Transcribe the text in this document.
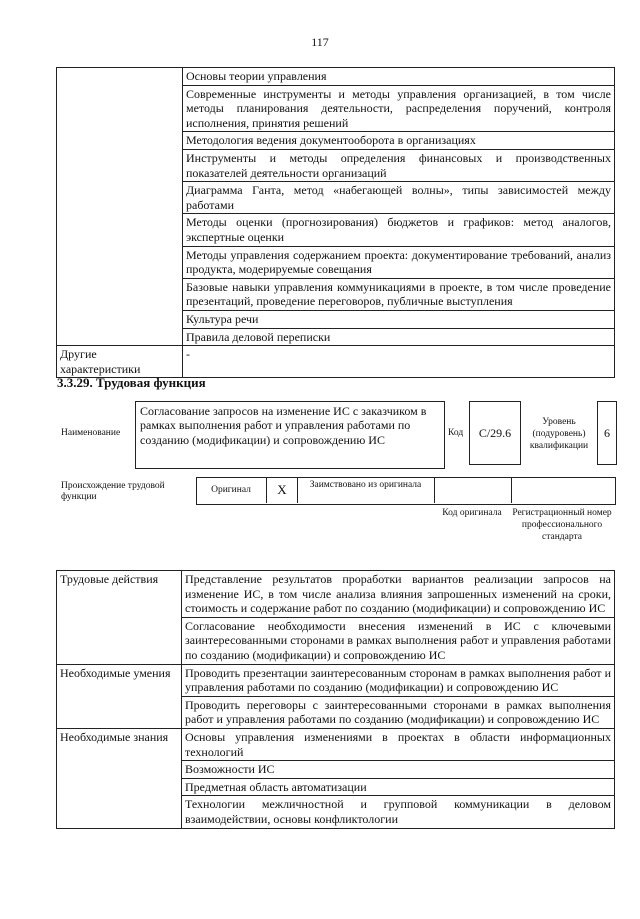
117
	Основы теории управления
	Современные инструменты и методы управления организацией, в том числе методы планирования деятельности, распределения поручений, контроля исполнения, принятия решений
	Методология ведения документооборота в организациях
	Инструменты и методы определения финансовых и производственных показателей деятельности организаций
	Диаграмма Ганта, метод «набегающей волны», типы зависимостей между работами
	Методы оценки (прогнозирования) бюджетов и графиков: метод аналогов, экспертные оценки
	Методы управления содержанием проекта: документирование требований, анализ продукта, модерируемые совещания
	Базовые навыки управления коммуникациями в проекте, в том числе проведение презентаций, проведение переговоров, публичные выступления
	Культура речи
	Правила деловой переписки
Другие характеристики	-
3.3.29. Трудовая функция
Наименование
Согласование запросов на изменение ИС с заказчиком в рамках выполнения работ и управления работами по созданию (модификации) и сопровождению ИС	Код	C/29.6
Уровень (подуровень) квалификации
6
Происхождение трудовой функции
Оригинал	X	Заимствовано из оригинала
Код оригинала	Регистрационный номер профессионального стандарта
Трудовые действия	Представление результатов проработки вариантов реализации запросов на изменение ИС, в том числе анализа влияния запрошенных изменений на сроки, стоимость и содержание работ по созданию (модификации) и сопровождению ИС
	Согласование необходимости внесения изменений в ИС с ключевыми заинтересованными сторонами в рамках выполнения работ и управления работами по созданию (модификации) и сопровождению ИС
Необходимые умения	Проводить презентации заинтересованным сторонам в рамках выполнения работ и управления работами по созданию (модификации) и сопровождению ИС
	Проводить переговоры с заинтересованными сторонами в рамках выполнения работ и управления работами по созданию (модификации) и сопровождению ИС
Необходимые знания	Основы управления изменениями в проектах в области информационных технологий
	Возможности ИС
	Предметная область автоматизации
	Технологии межличностной и групповой коммуникации в деловом взаимодействии, основы конфликтологии
